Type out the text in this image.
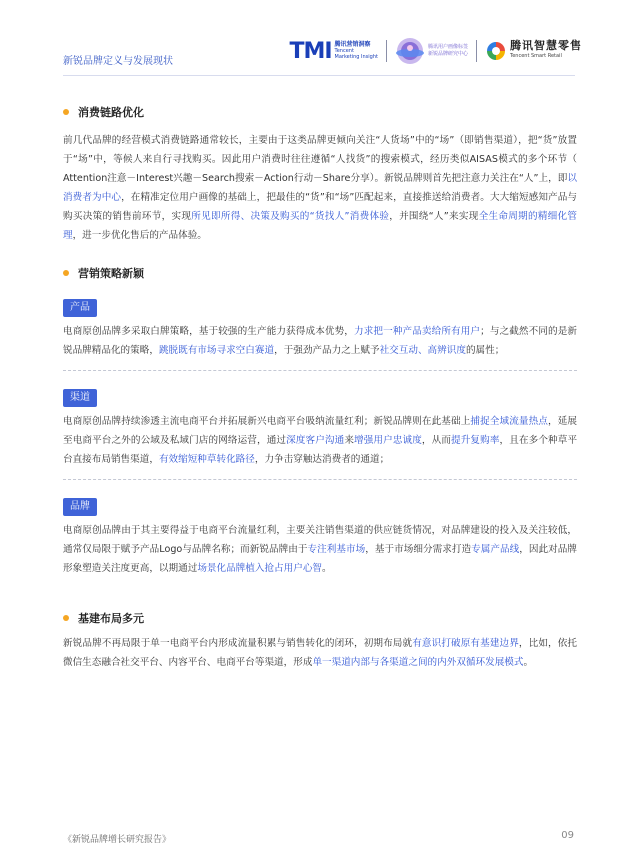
新锐品牌定义与发展现状	TMI 腾讯营销洞察
Tencent
Marketing Insight
腾讯用户画像标签
新锐品牌研究中心
腾讯智慧零售
Tencent Smart Retail
消费链路优化

前几代品牌的经营模式消费链路通常较长，主要由于这类品牌更倾向关注“人货场”中的“场”（即销售渠道），把“货”放置于“场”中，等候人来自行寻找购买。因此用户消费时往往遵循“人找货”的搜索模式，经历类似AISAS模式的多个环节（ Attention注意－Interest兴趣－Search搜索－Action行动－Share分享）。新锐品牌则首先把注意力关注在“人”上，即以消费者为中心，在精准定位用户画像的基础上，把最佳的“货”和“场”匹配起来，直接推送给消费者。大大缩短感知产品与购买决策的销售前环节，实现所见即所得、决策及购买的“货找人”消费体验，并围绕“人”来实现全生命周期的精细化管理，进一步优化售后的产品体验。

营销策略新颖
产品

电商原创品牌多采取白牌策略，基于较强的生产能力获得成本优势，力求把一种产品卖给所有用户；与之截然不同的是新锐品牌精品化的策略，跳脱既有市场寻求空白赛道，于强劲产品力之上赋予社交互动、高辨识度的属性；

渠道

电商原创品牌持续渗透主流电商平台并拓展新兴电商平台吸纳流量红利；新锐品牌则在此基础上捕捉全域流量热点，延展至电商平台之外的公域及私域门店的网络运营，通过深度客户沟通来增强用户忠诚度，从而提升复购率，且在多个种草平台直接布局销售渠道，有效缩短种草转化路径，力争击穿触达消费者的通道；

品牌

电商原创品牌由于其主要得益于电商平台流量红利，主要关注销售渠道的供应链货情况，对品牌建设的投入及关注较低，通常仅局限于赋予产品Logo与品牌名称；而新锐品牌由于专注利基市场，基于市场细分需求打造专属产品线，因此对品牌形象塑造关注度更高，以期通过场景化品牌植入抢占用户心智。

基建布局多元

新锐品牌不再局限于单一电商平台内形成流量积累与销售转化的闭环，初期布局就有意识打破原有基建边界，比如，依托微信生态融合社交平台、内容平台、电商平台等渠道，形成单一渠道内部与各渠道之间的内外双循环发展模式。

《新锐品牌增长研究报告》	09
